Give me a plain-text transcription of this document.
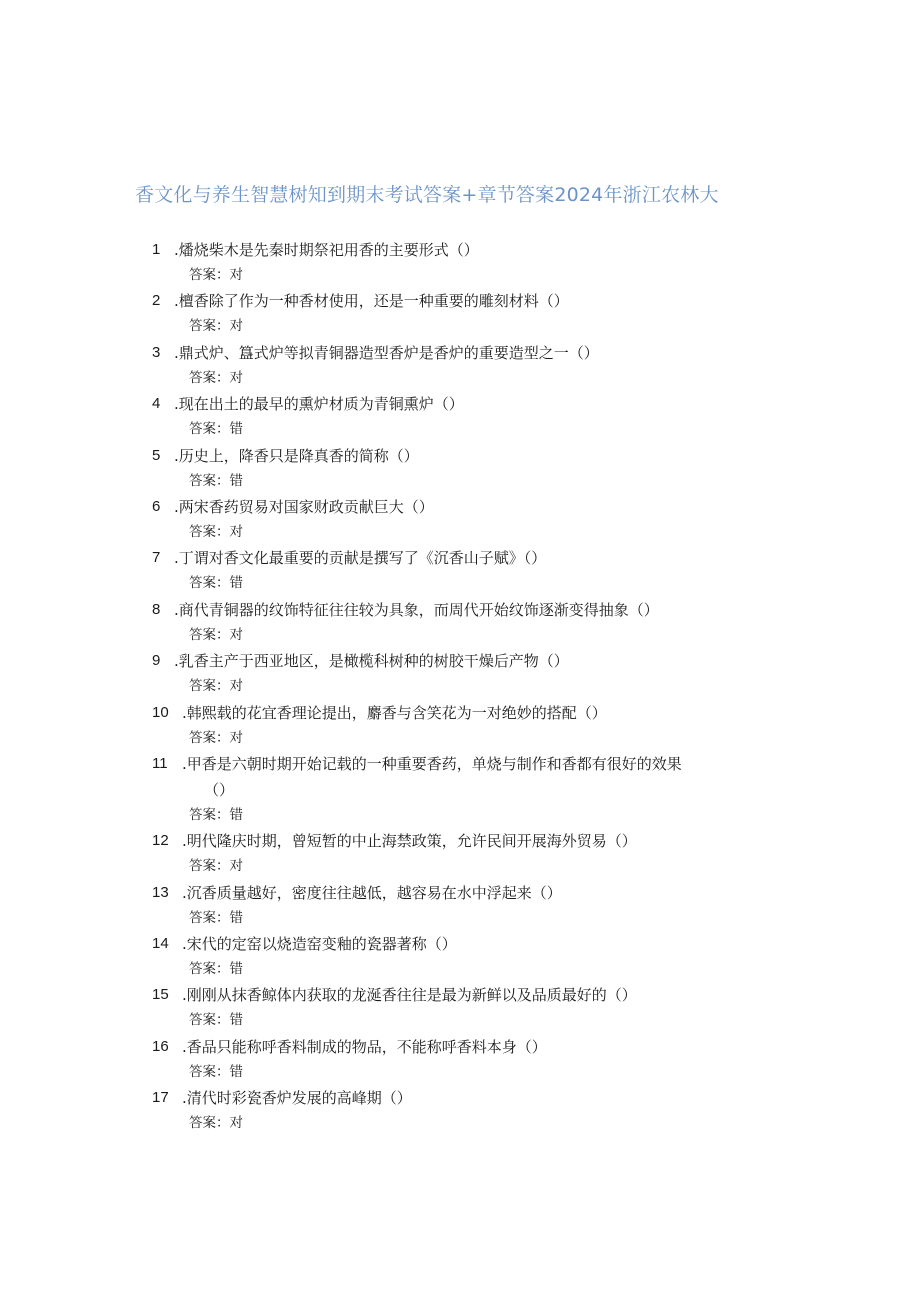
香文化与养生智慧树知到期末考试答案+章节答案2024年浙江农林大
1 .燔烧柴木是先秦时期祭祀用香的主要形式（）
答案：对
2 .檀香除了作为一种香材使用，还是一种重要的雕刻材料（）
答案：对
3 .鼎式炉、簋式炉等拟青铜器造型香炉是香炉的重要造型之一（）
答案：对
4 .现在出土的最早的熏炉材质为青铜熏炉（）
答案：错
5 .历史上，降香只是降真香的简称（）
答案：错
6 .两宋香药贸易对国家财政贡献巨大（）
答案：对
7 .丁谓对香文化最重要的贡献是撰写了《沉香山子赋》（）
答案：错
8 .商代青铜器的纹饰特征往往较为具象，而周代开始纹饰逐渐变得抽象（）
答案：对
9 .乳香主产于西亚地区，是橄榄科树种的树胶干燥后产物（）
答案：对
10 .韩熙载的花宜香理论提出，麝香与含笑花为一对绝妙的搭配（）
答案：对
11 .甲香是六朝时期开始记载的一种重要香药，单烧与制作和香都有很好的效果
（）
答案：错
12 .明代隆庆时期，曾短暂的中止海禁政策，允许民间开展海外贸易（）
答案：对
13 .沉香质量越好，密度往往越低，越容易在水中浮起来（）
答案：错
14 .宋代的定窑以烧造窑变釉的瓷器著称（）
答案：错
15 .刚刚从抹香鲸体内获取的龙涎香往往是最为新鲜以及品质最好的（）
答案：错
16 .香品只能称呼香料制成的物品，不能称呼香料本身（）
答案：错
17 .清代时彩瓷香炉发展的高峰期（）
答案：对
